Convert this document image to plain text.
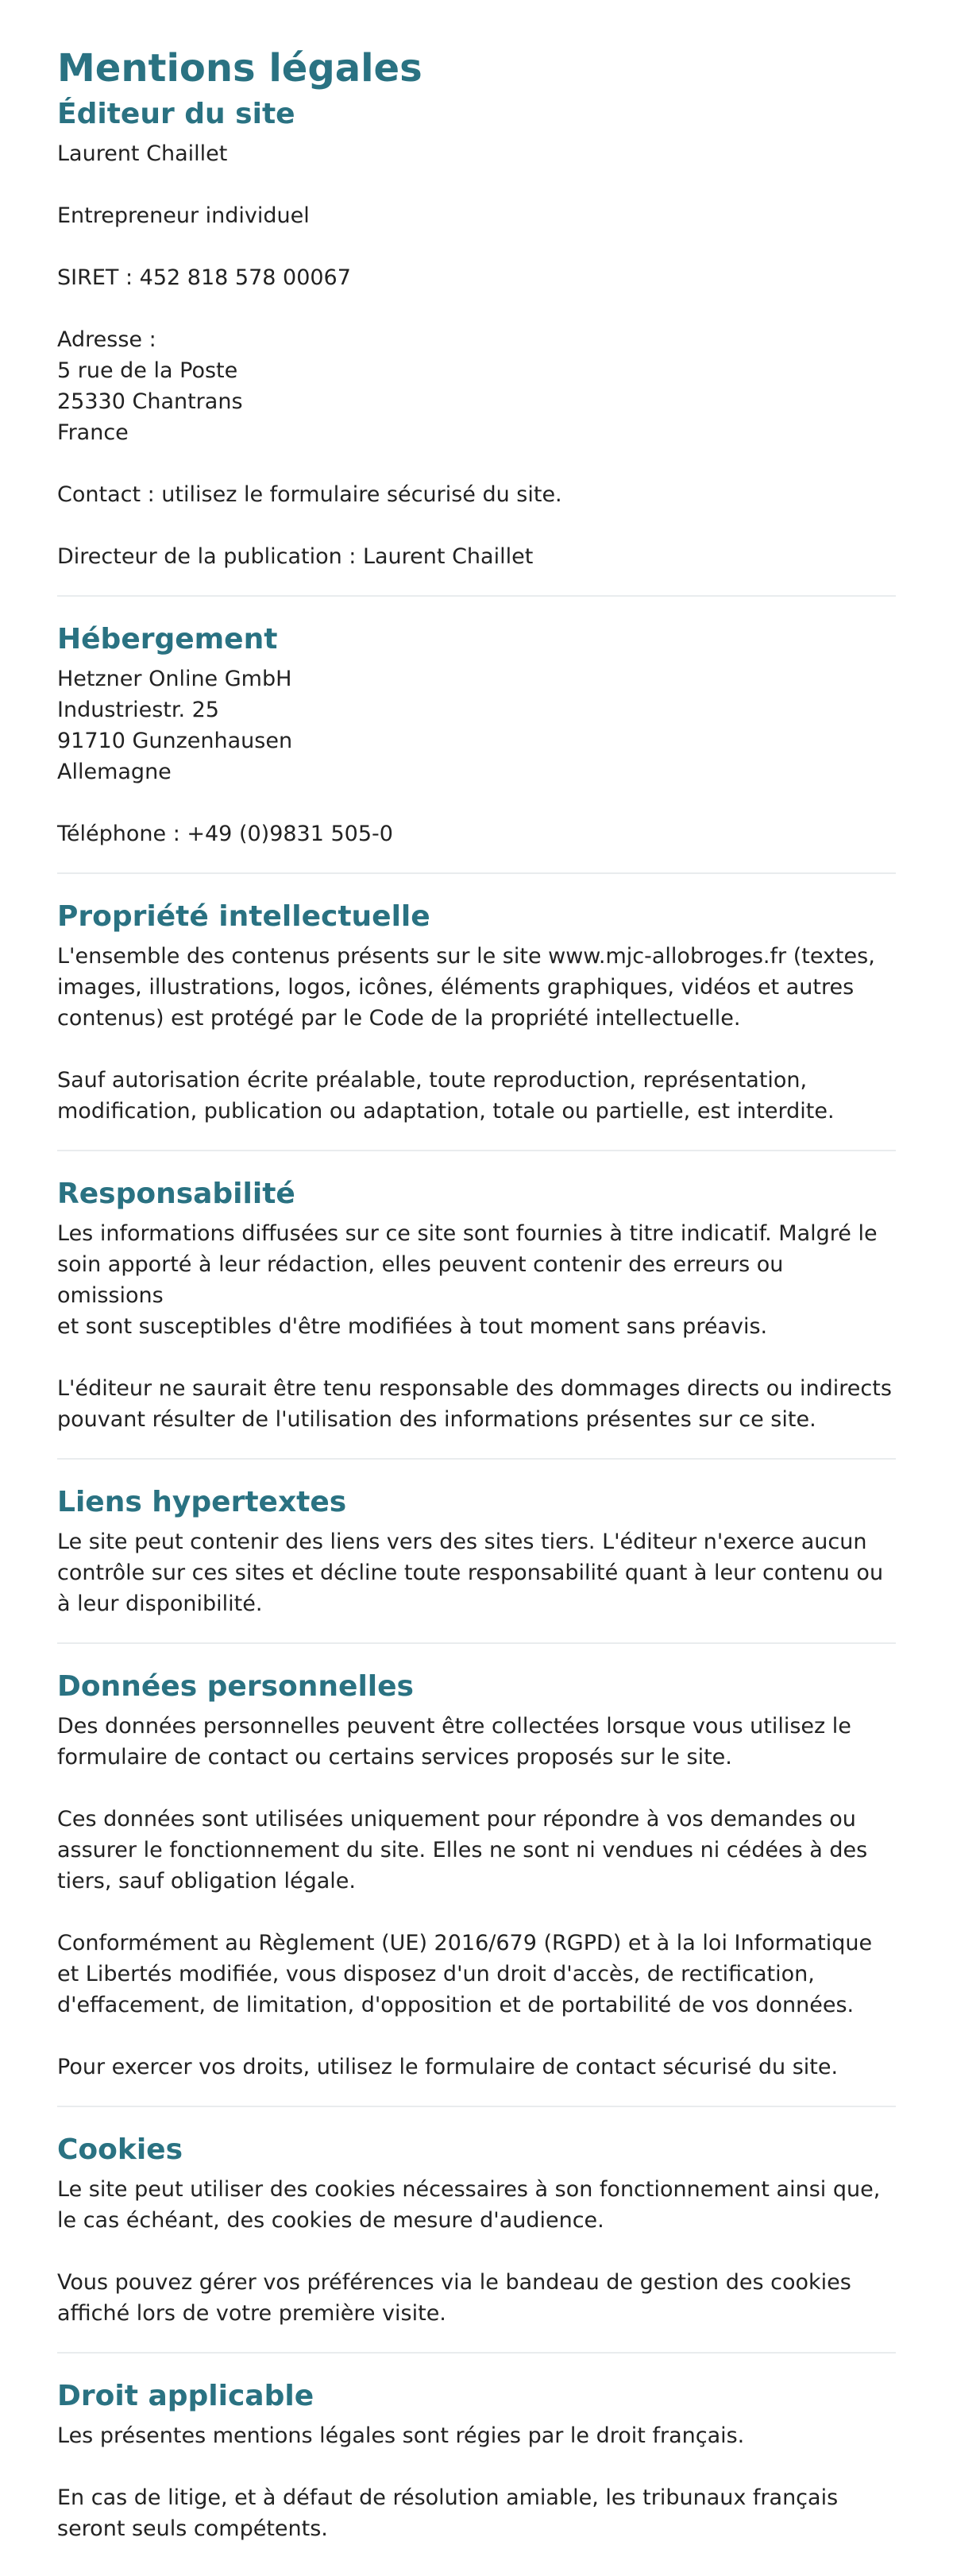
Mentions légales
Éditeur du site

Laurent Chaillet

Entrepreneur individuel

SIRET : 452 818 578 00067

Adresse :
5 rue de la Poste
25330 Chantrans
France

Contact : utilisez le formulaire sécurisé du site.

Directeur de la publication : Laurent Chaillet

Hébergement

Hetzner Online GmbH
Industriestr. 25
91710 Gunzenhausen
Allemagne

Téléphone : +49 (0)9831 505-0

Propriété intellectuelle

L'ensemble des contenus présents sur le site www.mjc-allobroges.fr (textes,
images, illustrations, logos, icônes, éléments graphiques, vidéos et autres
contenus) est protégé par le Code de la propriété intellectuelle.

Sauf autorisation écrite préalable, toute reproduction, représentation,
modification, publication ou adaptation, totale ou partielle, est interdite.

Responsabilité

Les informations diffusées sur ce site sont fournies à titre indicatif. Malgré le
soin apporté à leur rédaction, elles peuvent contenir des erreurs ou omissions
et sont susceptibles d'être modifiées à tout moment sans préavis.

L'éditeur ne saurait être tenu responsable des dommages directs ou indirects
pouvant résulter de l'utilisation des informations présentes sur ce site.

Liens hypertextes

Le site peut contenir des liens vers des sites tiers. L'éditeur n'exerce aucun
contrôle sur ces sites et décline toute responsabilité quant à leur contenu ou
à leur disponibilité.

Données personnelles

Des données personnelles peuvent être collectées lorsque vous utilisez le
formulaire de contact ou certains services proposés sur le site.

Ces données sont utilisées uniquement pour répondre à vos demandes ou
assurer le fonctionnement du site. Elles ne sont ni vendues ni cédées à des
tiers, sauf obligation légale.

Conformément au Règlement (UE) 2016/679 (RGPD) et à la loi Informatique
et Libertés modifiée, vous disposez d'un droit d'accès, de rectification,
d'effacement, de limitation, d'opposition et de portabilité de vos données.

Pour exercer vos droits, utilisez le formulaire de contact sécurisé du site.

Cookies

Le site peut utiliser des cookies nécessaires à son fonctionnement ainsi que,
le cas échéant, des cookies de mesure d'audience.

Vous pouvez gérer vos préférences via le bandeau de gestion des cookies
affiché lors de votre première visite.

Droit applicable

Les présentes mentions légales sont régies par le droit français.

En cas de litige, et à défaut de résolution amiable, les tribunaux français
seront seuls compétents.
